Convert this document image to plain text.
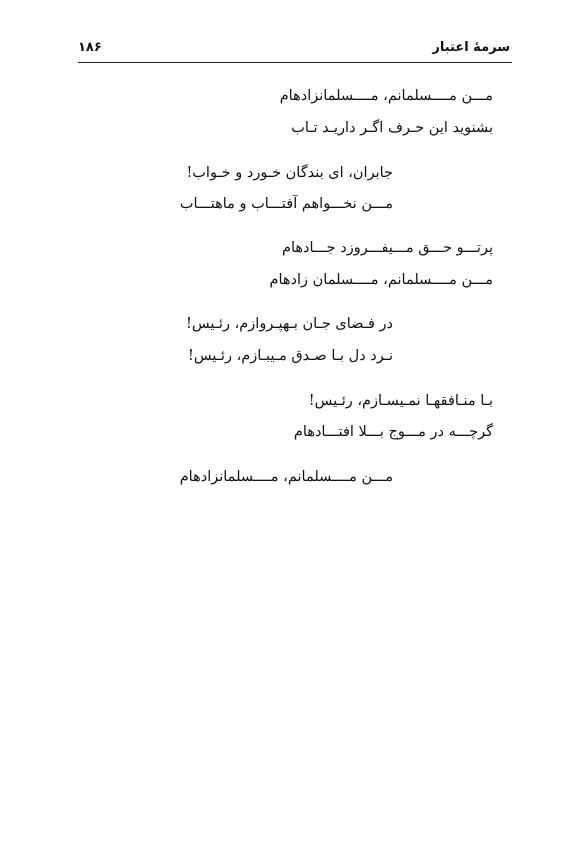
سرمهٔ اعتبار
۱۸۶
مـــن مــــسلمانم، مــــسلمانزادهام
بشنوید این حـرف اگـر داریـد تـاب
جابران، ای بندگان خـورد و خـواب!
مـــن نخـــواهم آفتـــاب و ماهتـــاب
پرتـــو حـــق مـــیفـــروزد جـــادهام
مـــن مــــسلمانم، مــــسلمان زادهام
در فـضای جـان بـهپـروازم، رئـیس!
نـرد دل بـا صـدق مـیبـازم، رئـیس!
بـا منـافقهـا نمـیسـازم، رئـیس!
گرچـــه در مـــوج بـــلا افتـــادهام
مـــن مــــسلمانم، مــــسلمانزادهام
